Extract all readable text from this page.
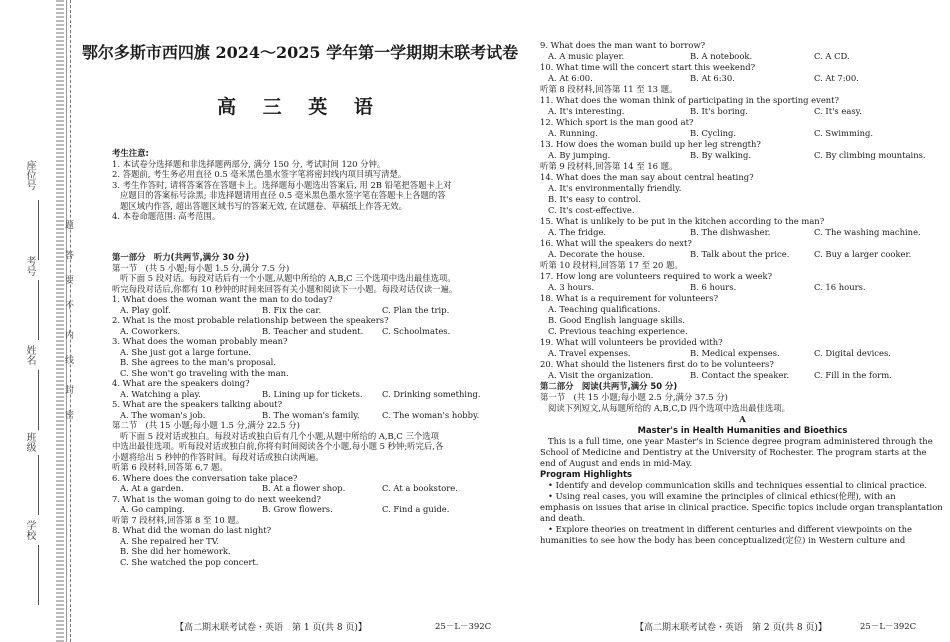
座位号
考号
姓名
班级
学校
题
答
要
不
内
线
封
密
鄂尔多斯市西四旗 2024～2025 学年第一学期期末联考试卷
高 三 英 语
考生注意:
1. 本试卷分选择题和非选择题两部分, 满分 150 分, 考试时间 120 分钟。
2. 答题前, 考生务必用直径 0.5 毫米黑色墨水签字笔将密封线内项目填写清楚。
3. 考生作答时, 请将答案答在答题卡上。选择题每小题选出答案后, 用 2B 铅笔把答题卡上对
应题目的答案标号涂黑; 非选择题请用直径 0.5 毫米黑色墨水签字笔在答题卡上各题的答
题区域内作答, 超出答题区域书写的答案无效, 在试题卷、草稿纸上作答无效。
4. 本卷命题范围: 高考范围。
第一部分　听力(共两节,满分 30 分)
第一节　(共 5 小题;每小题 1.5 分,满分 7.5 分)
听下面 5 段对话。每段对话后有一个小题,从题中所给的 A,B,C 三个选项中选出最佳选项。
听完每段对话后,你都有 10 秒钟的时间来回答有关小题和阅读下一小题。每段对话仅读一遍。
1. What does the woman want the man to do today?
A. Play golf.	B. Fix the car.	C. Plan the trip.
2. What is the most probable relationship between the speakers?
A. Coworkers.	B. Teacher and student.	C. Schoolmates.
3. What does the woman probably mean?
A. She just got a large fortune.
B. She agrees to the man's proposal.
C. She won't go traveling with the man.
4. What are the speakers doing?
A. Watching a play.	B. Lining up for tickets.	C. Drinking something.
5. What are the speakers talking about?
A. The woman's job.	B. The woman's family.	C. The woman's hobby.
第二节　(共 15 小题;每小题 1.5 分,满分 22.5 分)
听下面 5 段对话或独白。每段对话或独白后有几个小题,从题中所给的 A,B,C 三个选项
中选出最佳选项。听每段对话或独白前,你将有时间阅读各个小题,每小题 5 秒钟;听完后,各
小题将给出 5 秒钟的作答时间。每段对话或独白读两遍。
听第 6 段材料,回答第 6,7 题。
6. Where does the conversation take place?
A. At a garden.	B. At a flower shop.	C. At a bookstore.
7. What is the woman going to do next weekend?
A. Go camping.	B. Grow flowers.	C. Find a guide.
听第 7 段材料,回答第 8 至 10 题。
8. What did the woman do last night?
A. She repaired her TV.
B. She did her homework.
C. She watched the pop concert.
【高二期末联考试卷・英语　第 1 页(共 8 页)】	25－L－392C
9. What does the man want to borrow?
A. A music player.	B. A notebook.	C. A CD.
10. What time will the concert start this weekend?
A. At 6:00.	B. At 6:30.	C. At 7:00.
听第 8 段材料,回答第 11 至 13 题。
11. What does the woman think of participating in the sporting event?
A. It's interesting.	B. It's boring.	C. It's easy.
12. Which sport is the man good at?
A. Running.	B. Cycling.	C. Swimming.
13. How does the woman build up her leg strength?
A. By jumping.	B. By walking.	C. By climbing mountains.
听第 9 段材料,回答第 14 至 16 题。
14. What does the man say about central heating?
A. It's environmentally friendly.
B. It's easy to control.
C. It's cost-effective.
15. What is unlikely to be put in the kitchen according to the man?
A. The fridge.	B. The dishwasher.	C. The washing machine.
16. What will the speakers do next?
A. Decorate the house.	B. Talk about the price.	C. Buy a larger cooker.
听第 10 段材料,回答第 17 至 20 题。
17. How long are volunteers required to work a week?
A. 3 hours.	B. 6 hours.	C. 16 hours.
18. What is a requirement for volunteers?
A. Teaching qualifications.
B. Good English language skills.
C. Previous teaching experience.
19. What will volunteers be provided with?
A. Travel expenses.	B. Medical expenses.	C. Digital devices.
20. What should the listeners first do to be volunteers?
A. Visit the organization.	B. Contact the speaker.	C. Fill in the form.
第二部分　阅读(共两节,满分 50 分)
第一节　(共 15 小题;每小题 2.5 分,满分 37.5 分)
阅读下列短文,从每题所给的 A,B,C,D 四个选项中选出最佳选项。
A
Master's in Health Humanities and Bioethics
This is a full time, one year Master's in Science degree program administered through the
School of Medicine and Dentistry at the University of Rochester. The program starts at the
end of August and ends in mid-May.
Program Highlights
• Identify and develop communication skills and techniques essential to clinical practice.
• Using real cases, you will examine the principles of clinical ethics(伦理), with an
emphasis on issues that arise in clinical practice. Specific topics include organ transplantation
and death.
• Explore theories on treatment in different centuries and different viewpoints on the
humanities to see how the body has been conceptualized(定位) in Western culture and
【高二期末联考试卷・英语　第 2 页(共 8 页)】	25－L－392C
